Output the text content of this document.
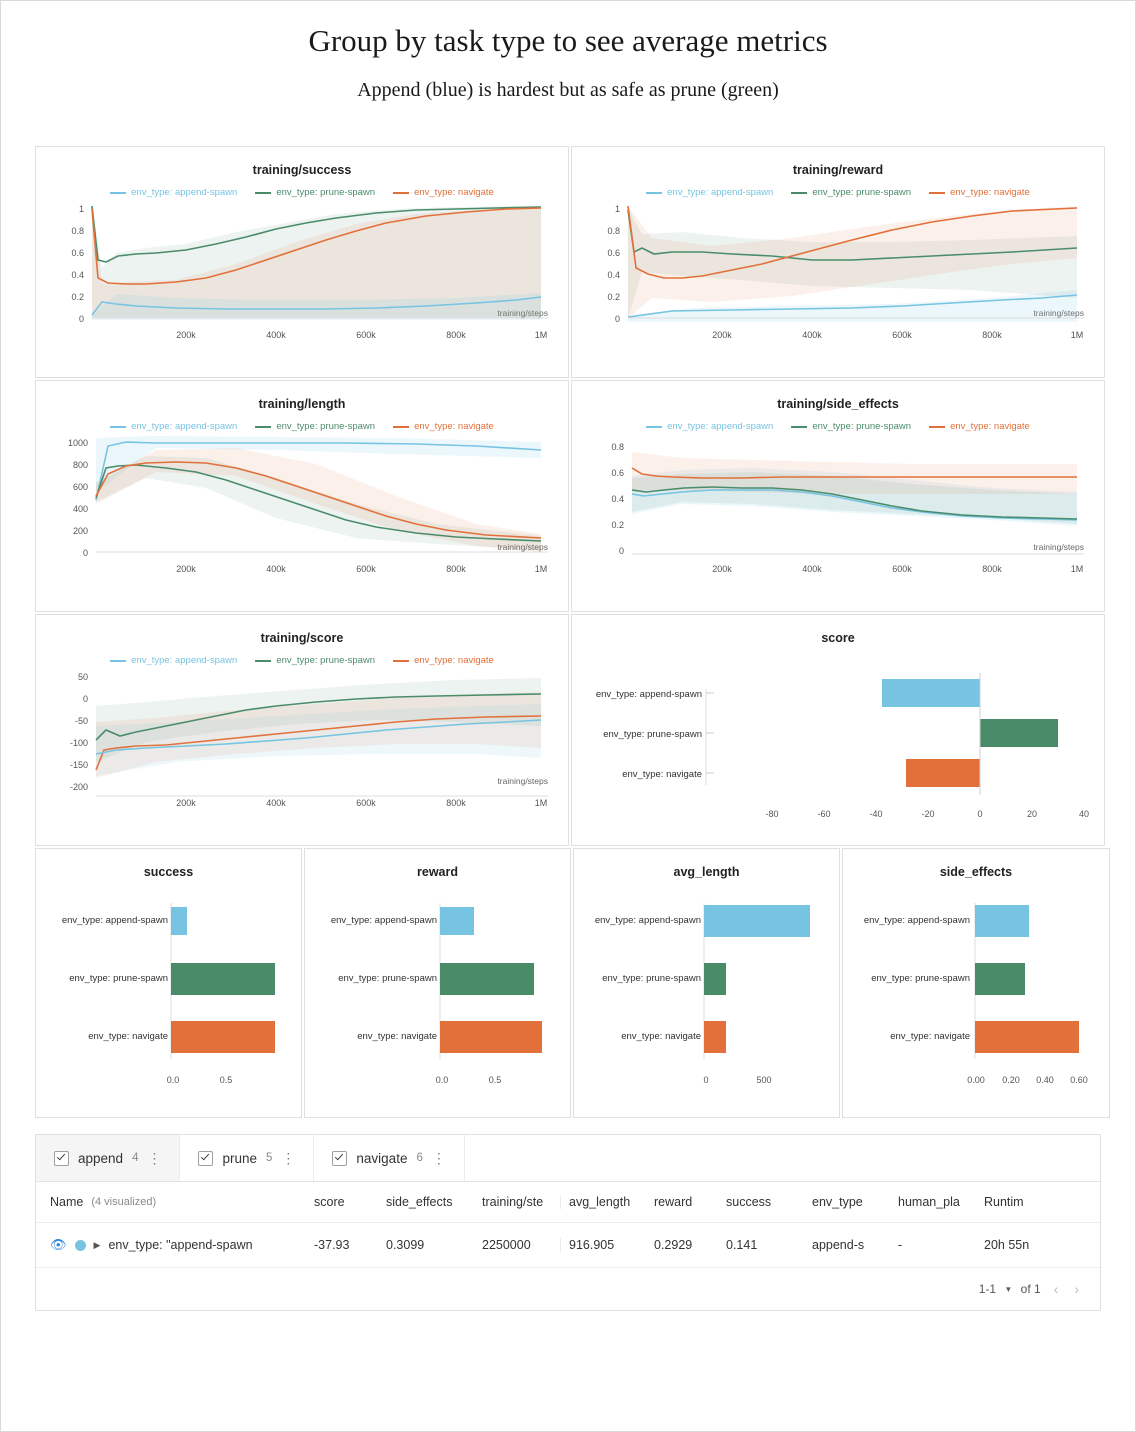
Group by task type to see average metrics
Append (blue) is hardest but as safe as prune (green)
training/success
env_type: append-spawn	env_type: prune-spawn	env_type: navigate
1
0.8
0.6
0.4
0.2
0
200k	400k	600k	800k	1M
training/steps
training/reward
env_type: append-spawn	env_type: prune-spawn	env_type: navigate
1
0.8
0.6
0.4
0.2
0
200k	400k	600k	800k	1M
training/steps
training/length
env_type: append-spawn	env_type: prune-spawn	env_type: navigate
1000
800
600
400
200
0
200k	400k	600k	800k	1M
training/steps
training/side_effects
env_type: append-spawn	env_type: prune-spawn	env_type: navigate
0.8
0.6
0.4
0.2
0
200k	400k	600k	800k	1M
training/steps
training/score
env_type: append-spawn	env_type: prune-spawn	env_type: navigate
50
0
-50
-100
-150
-200
200k	400k	600k	800k	1M
training/steps
score
env_type: append-spawn
env_type: prune-spawn
env_type: navigate
-80	-60	-40	-20	0	20	40
success
env_type: append-spawn
env_type: prune-spawn
env_type: navigate
0.0	0.5
reward
env_type: append-spawn
env_type: prune-spawn
env_type: navigate
0.0	0.5
avg_length
env_type: append-spawn
env_type: prune-spawn
env_type: navigate
0	500
side_effects
env_type: append-spawn
env_type: prune-spawn
env_type: navigate
0.00 0.20 0.40 0.60
append 4 ⋮	prune 5 ⋮	navigate 6 ⋮
Name (4 visualized)	score	side_effects	training/ste	avg_length	reward	success	env_type	human_pla	Runtim
👁	▶ env_type: "append-spawn	-37.93	0.3099	2250000	916.905	0.2929	0.141	append-s	-	20h 55n
1-1 ▾ of 1 ‹ ›
